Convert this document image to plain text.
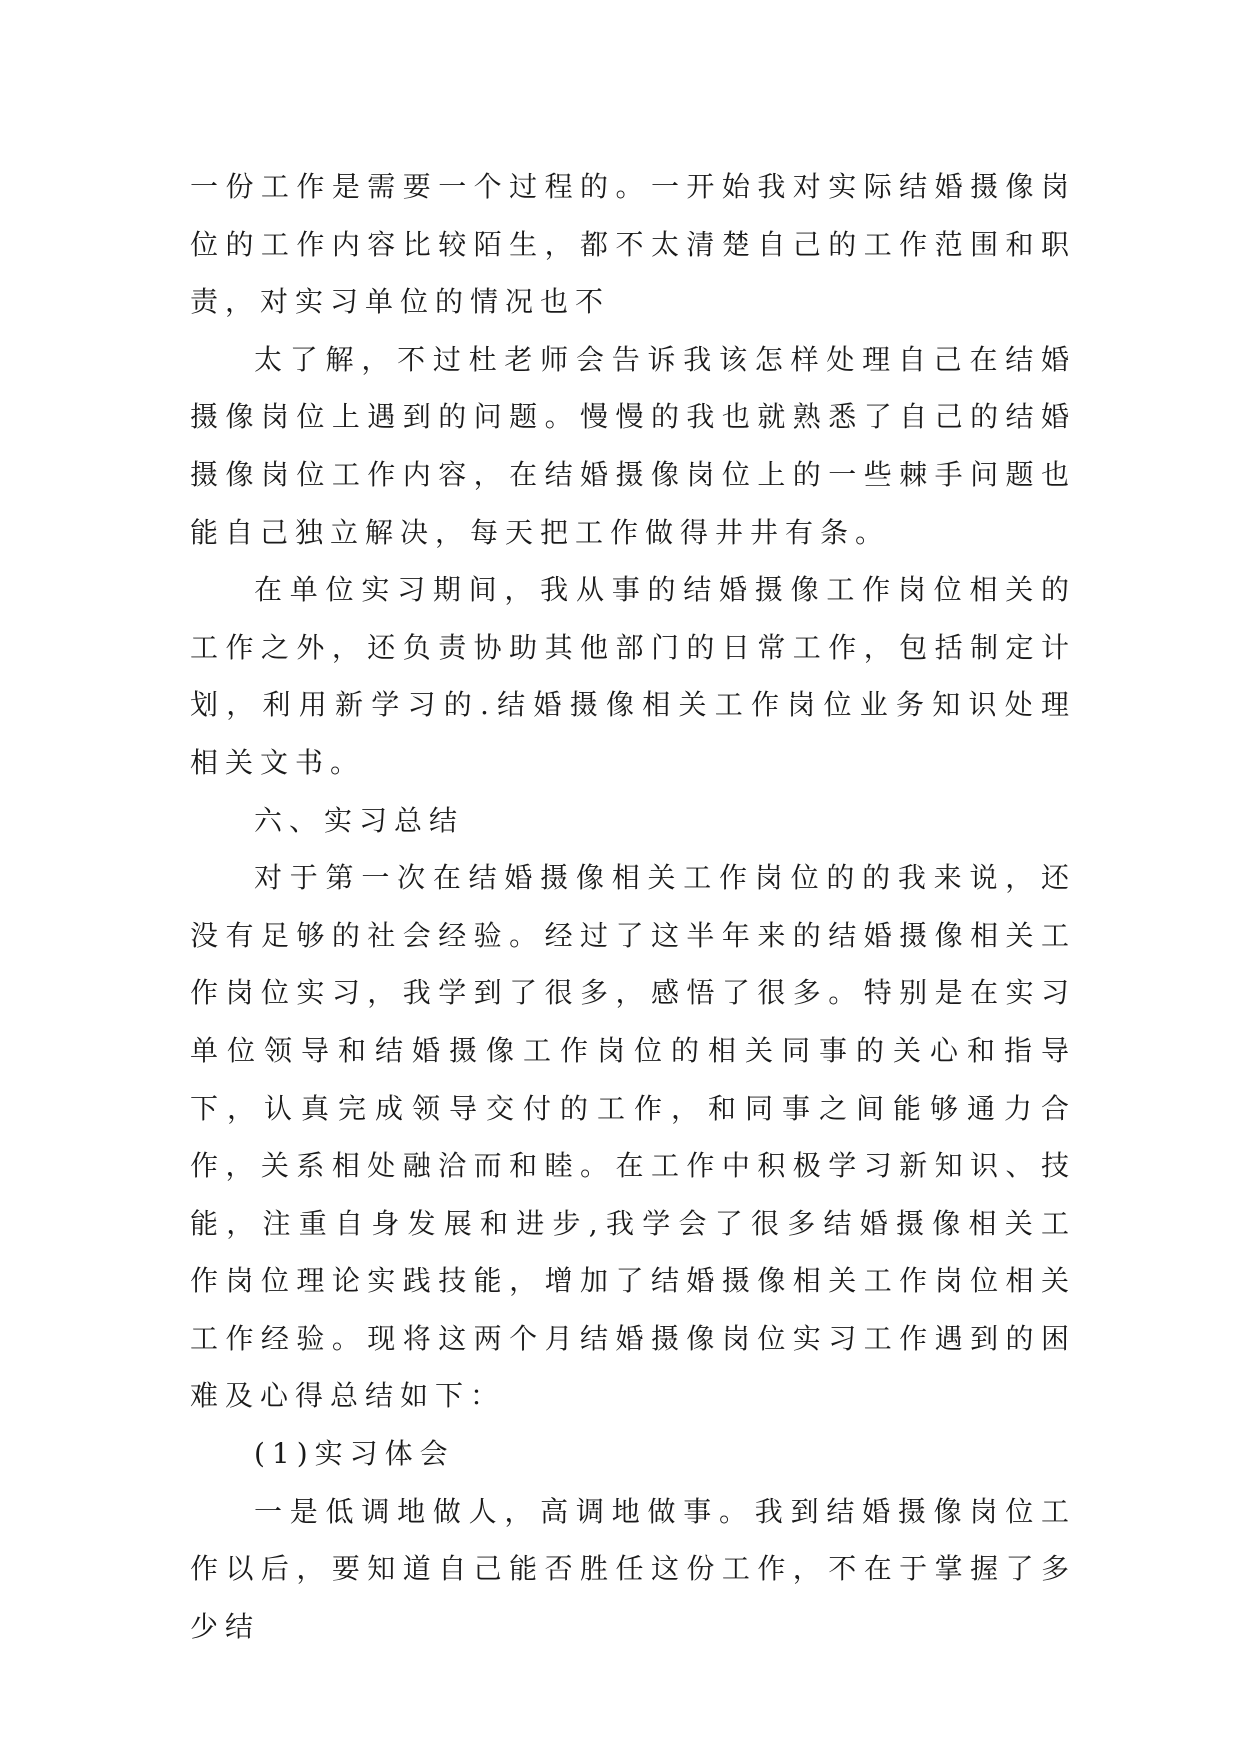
一份工作是需要一个过程的。一开始我对实际结婚摄像岗位的工作内容比较陌生，都不太清楚自己的工作范围和职责，对实习单位的情况也不

太了解，不过杜老师会告诉我该怎样处理自己在结婚摄像岗位上遇到的问题。慢慢的我也就熟悉了自己的结婚摄像岗位工作内容，在结婚摄像岗位上的一些棘手问题也能自己独立解决，每天把工作做得井井有条。

在单位实习期间，我从事的结婚摄像工作岗位相关的工作之外，还负责协助其他部门的日常工作，包括制定计划，利用新学习的.结婚摄像相关工作岗位业务知识处理相关文书。

六、实习总结

对于第一次在结婚摄像相关工作岗位的的我来说，还没有足够的社会经验。经过了这半年来的结婚摄像相关工作岗位实习，我学到了很多，感悟了很多。特别是在实习单位领导和结婚摄像工作岗位的相关同事的关心和指导下，认真完成领导交付的工作，和同事之间能够通力合作，关系相处融洽而和睦。在工作中积极学习新知识、技能，注重自身发展和进步,我学会了很多结婚摄像相关工作岗位理论实践技能，增加了结婚摄像相关工作岗位相关工作经验。现将这两个月结婚摄像岗位实习工作遇到的困难及心得总结如下：

(1)实习体会

一是低调地做人，高调地做事。我到结婚摄像岗位工作以后，要知道自己能否胜任这份工作，不在于掌握了多少结
